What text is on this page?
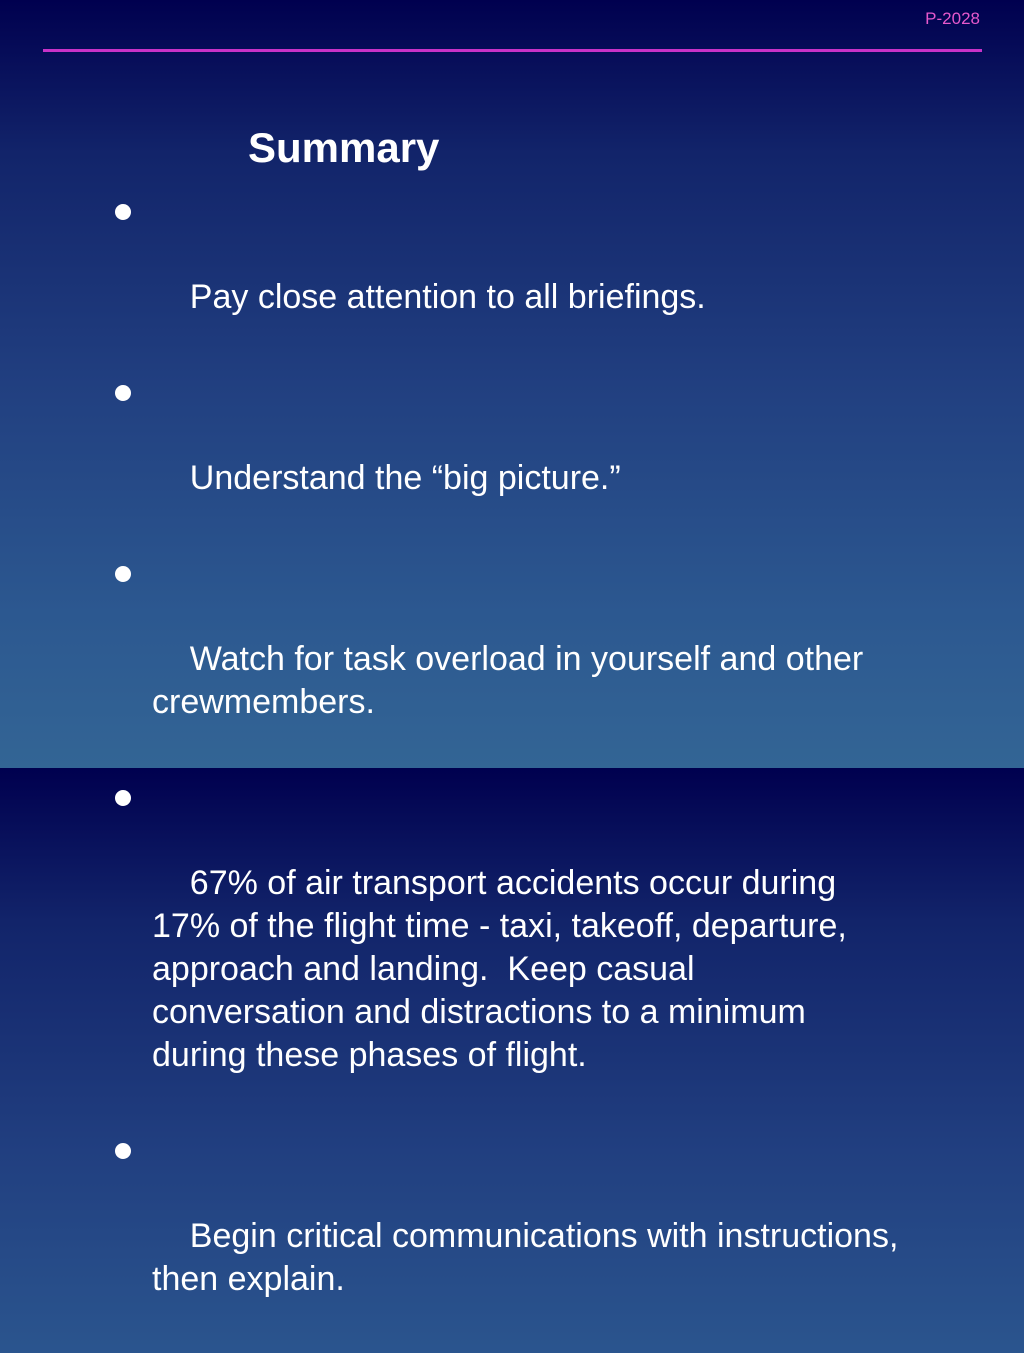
P-2028
Summary

Pay close attention to all briefings.

Understand the “big picture.”

Watch for task overload in yourself and other
crewmembers.

67% of air transport accidents occur during
17% of the flight time - taxi, takeoff, departure,
approach and landing.  Keep casual
conversation and distractions to a minimum
during these phases of flight.

Begin critical communications with instructions,
then explain.
